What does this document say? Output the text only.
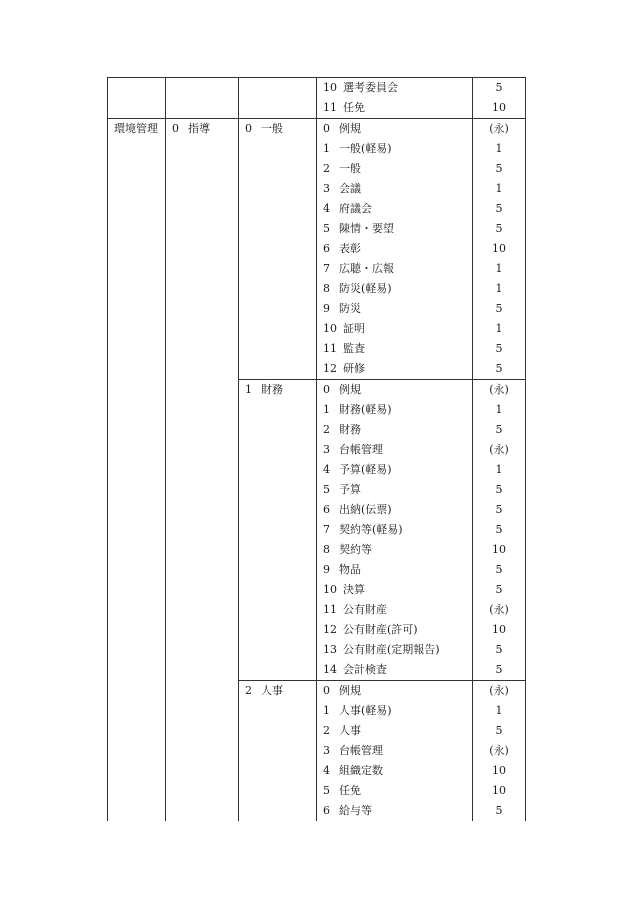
			10 選考委員会	5
			11 任免	10
環境管理	0 指導	0 一般	0 例規	(永)
			1 一般(軽易)	1
			2 一般	5
			3 会議	1
			4 府議会	5
			5 陳情・要望	5
			6 表彰	10
			7 広聴・広報	1
			8 防災(軽易)	1
			9 防災	5
			10 証明	1
			11 監査	5
			12 研修	5
		1 財務	0 例規	(永)
			1 財務(軽易)	1
			2 財務	5
			3 台帳管理	(永)
			4 予算(軽易)	1
			5 予算	5
			6 出納(伝票)	5
			7 契約等(軽易)	5
			8 契約等	10
			9 物品	5
			10 決算	5
			11 公有財産	(永)
			12 公有財産(許可)	10
			13 公有財産(定期報告)	5
			14 会計検査	5
		2 人事	0 例規	(永)
			1 人事(軽易)	1
			2 人事	5
			3 台帳管理	(永)
			4 組織定数	10
			5 任免	10
			6 給与等	5
